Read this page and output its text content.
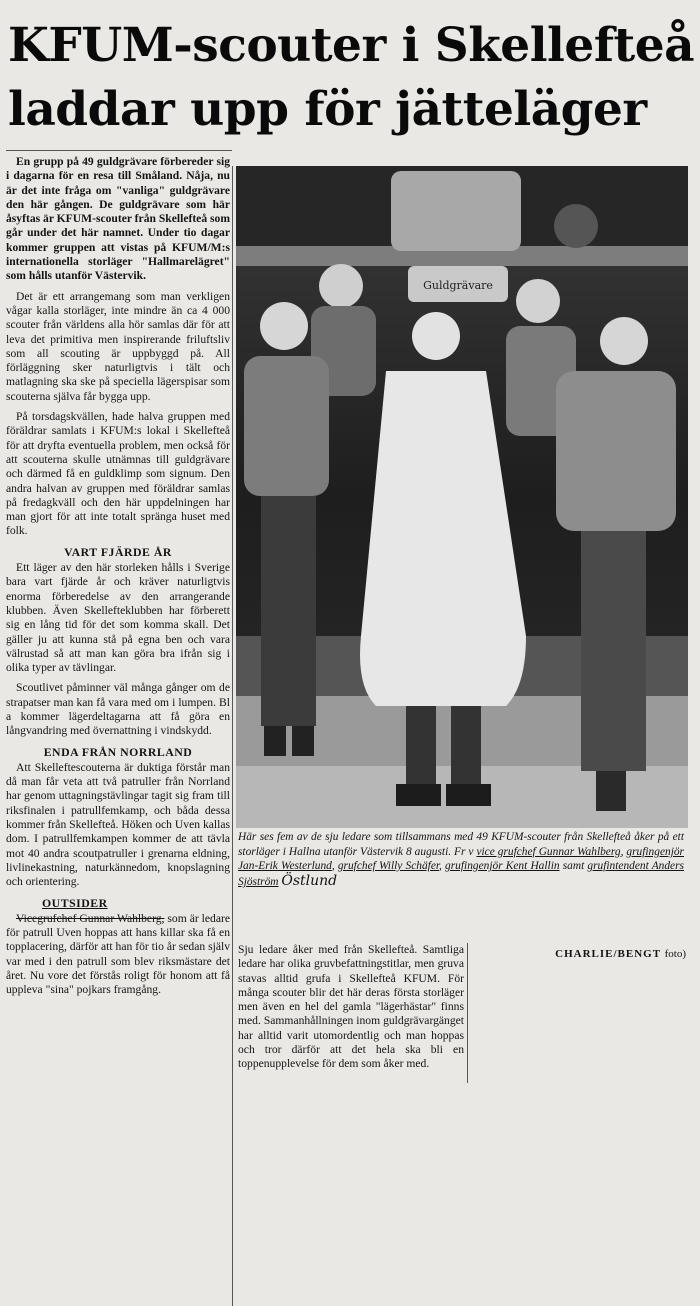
KFUM-scouter i Skellefteå
laddar upp för jätteläger

En grupp på 49 guldgrävare förbereder sig i dagarna för en resa till Småland. Nåja, nu är det inte fråga om "vanliga" guldgrävare den här gången. De guldgrävare som här åsyftas är KFUM-scouter från Skellefteå som går under det här namnet. Under tio dagar kommer gruppen att vistas på KFUM/M:s internationella storläger "Hallmarelägret" som hålls utanför Västervik.

Det är ett arrangemang som man verkligen vågar kalla storläger, inte mindre än ca 4 000 scouter från världens alla hör samlas där för att leva det primitiva men inspirerande friluftsliv som all scouting är uppbyggd på. All förläggning sker naturligtvis i tält och matlagning ska ske på speciella lägerspisar som scouterna själva får bygga upp.

På torsdagskvällen, hade halva gruppen med föräldrar samlats i KFUM:s lokal i Skellefteå för att dryfta eventuella problem, men också för att scouterna skulle utnämnas till guldgrävare och därmed få en guldklimp som signum. Den andra halvan av gruppen med föräldrar samlas på fredagkväll och den här uppdelningen har man gjort för att inte totalt spränga huset med folk.

VART FJÄRDE ÅR

Ett läger av den här storleken hålls i Sverige bara vart fjärde år och kräver naturligtvis enorma förberedelse av den arrangerande klubben. Även Skellefteklubben har förberett sig en lång tid för det som komma skall. Det gäller ju att kunna stå på egna ben och vara välrustad så att man kan göra bra ifrån sig i olika typer av tävlingar.

Scoutlivet påminner väl många gånger om de strapatser man kan få vara med om i lumpen. Bl a kommer lägerdeltagarna att få göra en långvandring med övernattning i vindskydd.

ENDA FRÅN NORRLAND

Att Skelleftescouterna är duktiga förstår man då man får veta att två patruller från Norrland har genom uttagningstävlingar tagit sig fram till riksfinalen i patrullfemkamp, och båda dessa kommer från Skellefteå. Höken och Uven kallas dom. I patrullfemkampen kommer de att tävla mot 40 andra scoutpatruller i grenarna eldning, livlinekastning, naturkännedom, knopslagning och orientering.

OUTSIDER

Vicegrufchef Gunnar Wahlberg, som är ledare för patrull Uven hoppas att hans killar ska få en topplacering, därför att han för tio år sedan själv var med i den patrull som blev riksmästare det året. Nu vore det förstås roligt för honom att få uppleva "sina" pojkars framgång.

Guldgrävare
Här ses fem av de sju ledare som tillsammans med 49 KFUM-scouter från Skellefteå åker på ett storläger i Hallna utanför Västervik 8 augusti. Fr v vice grufchef Gunnar Wahlberg, grufingenjör Jan-Erik Westerlund, grufchef Willy Schäfer, grufingenjör Kent Hallin samt grufintendent Anders Sjöström Östlund

Sju ledare åker med från Skellefteå. Samtliga ledare har olika gruvbefattningstitlar, men gruva stavas alltid grufa i Skellefteå KFUM. För många scouter blir det här deras första storläger men även en hel del gamla "lägerhästar" finns med. Sammanhållningen inom guldgrävargänget har alltid varit utomordentlig och man hoppas och tror därför att det hela ska bli en toppenupplevelse för dem som åker med.

CHARLIE/BENGT foto)
